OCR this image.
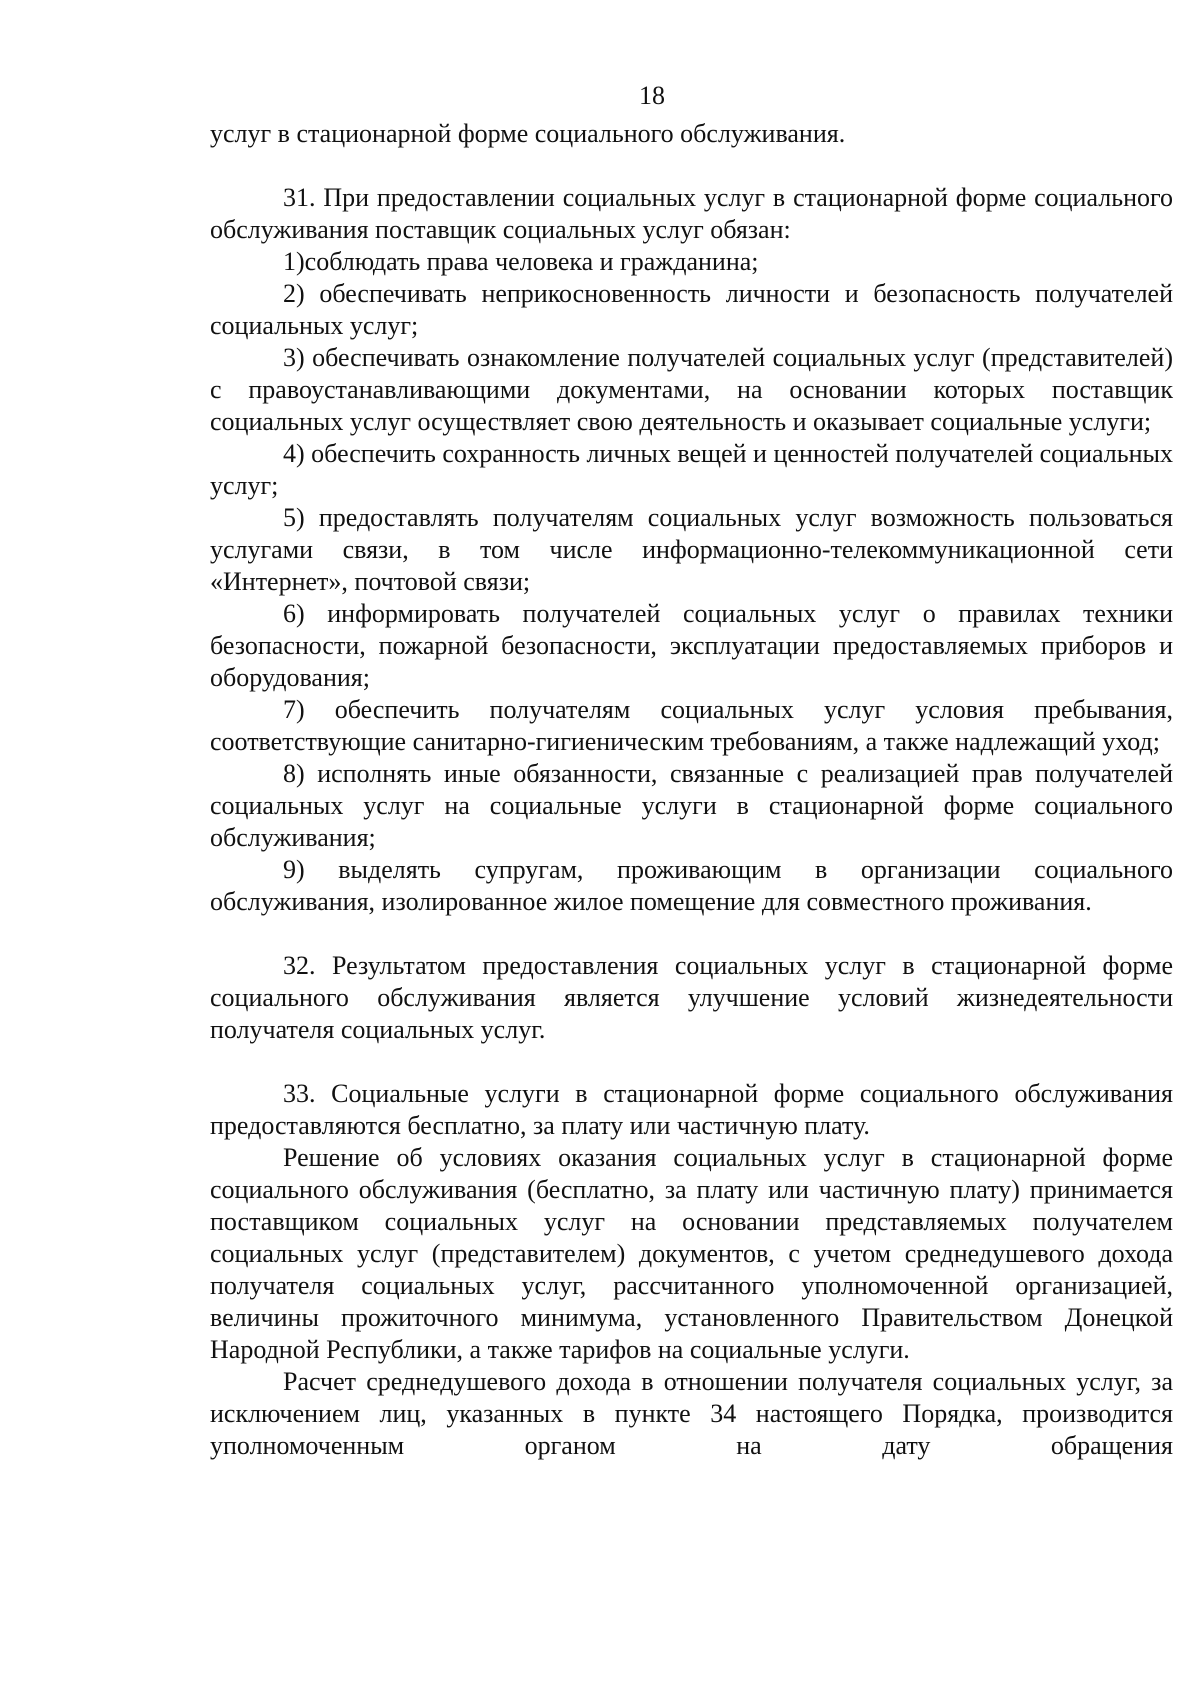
18

услуг в стационарной форме социального обслуживания.

31. При предоставлении социальных услуг в стационарной форме социального обслуживания поставщик социальных услуг обязан:

1)соблюдать права человека и гражданина;

2) обеспечивать неприкосновенность личности и безопасность получателей социальных услуг;

3) обеспечивать ознакомление получателей социальных услуг (представителей) с правоустанавливающими документами, на основании которых поставщик социальных услуг осуществляет свою деятельность и оказывает социальные услуги;

4) обеспечить сохранность личных вещей и ценностей получателей социальных услуг;

5) предоставлять получателям социальных услуг возможность пользоваться услугами связи, в том числе информационно-телекоммуникационной сети «Интернет», почтовой связи;

6) информировать получателей социальных услуг о правилах техники безопасности, пожарной безопасности, эксплуатации предоставляемых приборов и оборудования;

7) обеспечить получателям социальных услуг условия пребывания, соответствующие санитарно-гигиеническим требованиям, а также надлежащий уход;

8) исполнять иные обязанности, связанные с реализацией прав получателей социальных услуг на социальные услуги в стационарной форме социального обслуживания;

9) выделять супругам, проживающим в организации социального обслуживания, изолированное жилое помещение для совместного проживания.

32. Результатом предоставления социальных услуг в стационарной форме социального обслуживания является улучшение условий жизнедеятельности получателя социальных услуг.

33. Социальные услуги в стационарной форме социального обслуживания предоставляются бесплатно, за плату или частичную плату.

Решение об условиях оказания социальных услуг в стационарной форме социального обслуживания (бесплатно, за плату или частичную плату) принимается поставщиком социальных услуг на основании представляемых получателем социальных услуг (представителем) документов, с учетом среднедушевого дохода получателя социальных услуг, рассчитанного уполномоченной организацией, величины прожиточного минимума, установленного Правительством Донецкой Народной Республики, а также тарифов на социальные услуги.

Расчет среднедушевого дохода в отношении получателя социальных услуг, за исключением лиц, указанных в пункте 34 настоящего Порядка, производится уполномоченным органом на дату обращения
